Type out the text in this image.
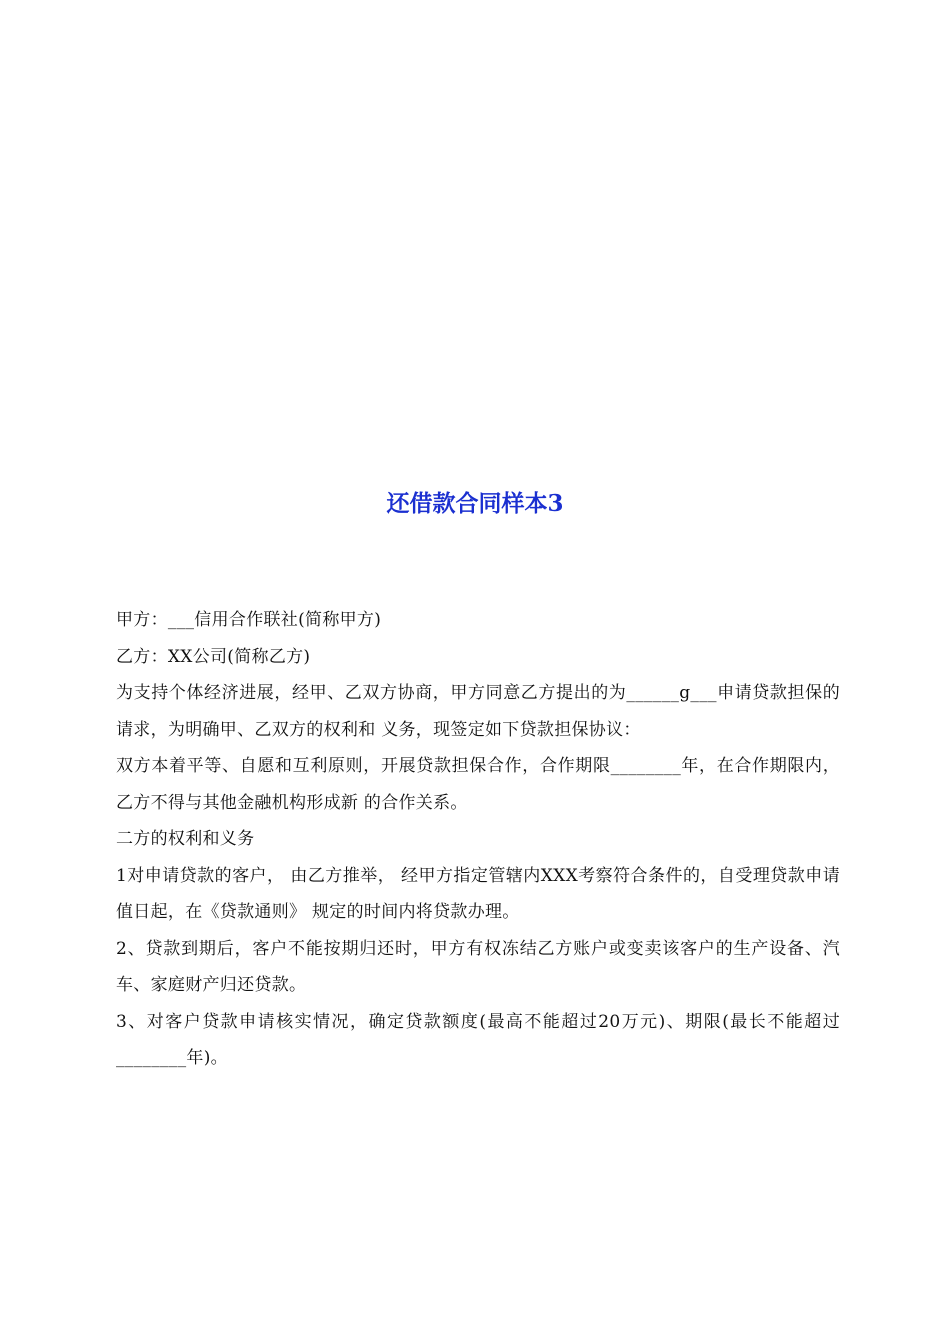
还借款合同样本3

甲方：___信用合作联社(简称甲方)

乙方：XX公司(简称乙方)

为支持个体经济进展，经甲、乙双方协商，甲方同意乙方提出的为______g___申请贷款担保的请求，为明确甲、乙双方的权利和 义务，现签定如下贷款担保协议：

双方本着平等、自愿和互利原则，开展贷款担保合作，合作期限________年，在合作期限内，乙方不得与其他金融机构形成新 的合作关系。

二方的权利和义务

1对申请贷款的客户， 由乙方推举， 经甲方指定管辖内XXX考察符合条件的，自受理贷款申请值日起，在《贷款通则》 规定的时间内将贷款办理。

2、贷款到期后，客户不能按期归还时，甲方有权冻结乙方账户或变卖该客户的生产设备、汽车、家庭财产归还贷款。

3、对客户贷款申请核实情况，确定贷款额度(最高不能超过20万元)、期限(最长不能超过________年)。
